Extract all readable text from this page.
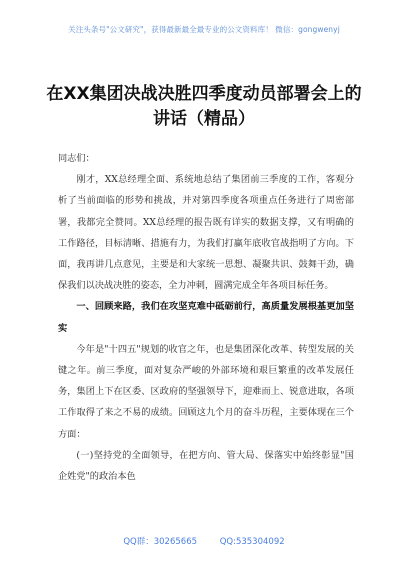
关注头条号"公文研究"，获得最新最全最专业的公文资料库！ 微信：gongwenyj
在XX集团决战决胜四季度动员部署会上的讲话（精品）

同志们：

刚才，XX总经理全面、系统地总结了集团前三季度的工作，客观分析了当前面临的形势和挑战，并对第四季度各项重点任务进行了周密部署，我都完全赞同。XX总经理的报告既有详实的数据支撑，又有明确的工作路径，目标清晰、措施有力，为我们打赢年底收官战指明了方向。下面，我再讲几点意见，主要是和大家统一思想、凝聚共识、鼓舞干劲，确保我们以决战决胜的姿态，全力冲刺，圆满完成全年各项目标任务。

一、回顾来路，我们在攻坚克难中砥砺前行，高质量发展根基更加坚实

今年是"十四五"规划的收官之年，也是集团深化改革、转型发展的关键之年。前三季度，面对复杂严峻的外部环境和艰巨繁重的改革发展任务，集团上下在区委、区政府的坚强领导下，迎难而上、锐意进取，各项工作取得了来之不易的成绩。回顾这九个月的奋斗历程，主要体现在三个方面：

(一)坚持党的全面领导，在把方向、管大局、保落实中始终彰显"国企姓党"的政治本色

QQ群：30265665	QQ:535304092
